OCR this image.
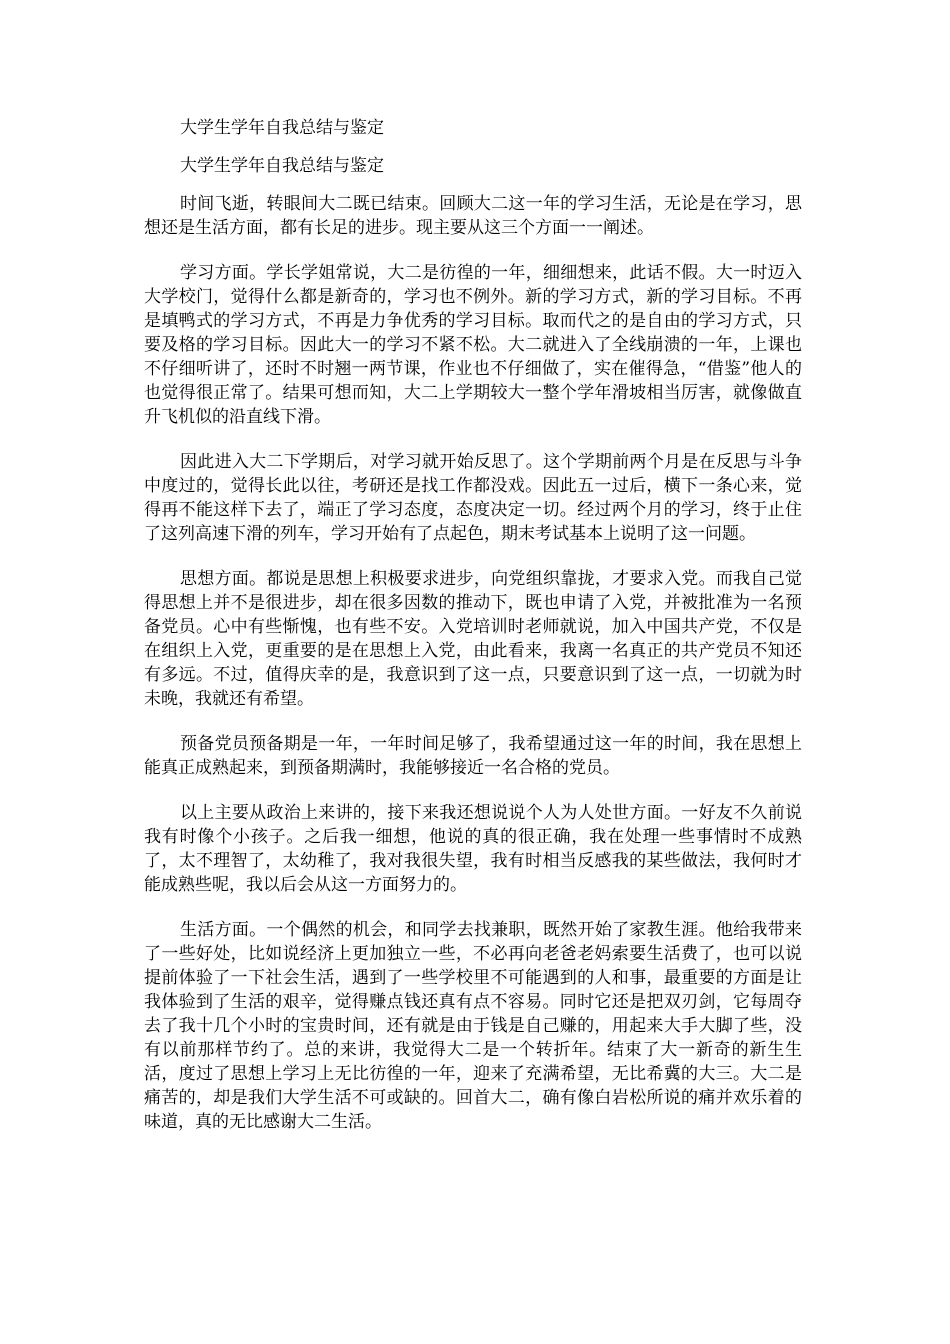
大学生学年自我总结与鉴定

大学生学年自我总结与鉴定

时间飞逝，转眼间大二既已结束。回顾大二这一年的学习生活，无论是在学习，思想还是生活方面，都有长足的进步。现主要从这三个方面一一阐述。

学习方面。学长学姐常说，大二是彷徨的一年，细细想来，此话不假。大一时迈入大学校门，觉得什么都是新奇的，学习也不例外。新的学习方式，新的学习目标。不再是填鸭式的学习方式，不再是力争优秀的学习目标。取而代之的是自由的学习方式，只要及格的学习目标。因此大一的学习不紧不松。大二就进入了全线崩溃的一年，上课也不仔细听讲了，还时不时翘一两节课，作业也不仔细做了，实在催得急，“借鉴”他人的也觉得很正常了。结果可想而知，大二上学期较大一整个学年滑坡相当厉害，就像做直升飞机似的沿直线下滑。

因此进入大二下学期后，对学习就开始反思了。这个学期前两个月是在反思与斗争中度过的，觉得长此以往，考研还是找工作都没戏。因此五一过后，横下一条心来，觉得再不能这样下去了，端正了学习态度，态度决定一切。经过两个月的学习，终于止住了这列高速下滑的列车，学习开始有了点起色，期末考试基本上说明了这一问题。

思想方面。都说是思想上积极要求进步，向党组织靠拢，才要求入党。而我自己觉得思想上并不是很进步，却在很多因数的推动下，既也申请了入党，并被批准为一名预备党员。心中有些惭愧，也有些不安。入党培训时老师就说，加入中国共产党，不仅是在组织上入党，更重要的是在思想上入党，由此看来，我离一名真正的共产党员不知还有多远。不过，值得庆幸的是，我意识到了这一点，只要意识到了这一点，一切就为时未晚，我就还有希望。

预备党员预备期是一年，一年时间足够了，我希望通过这一年的时间，我在思想上能真正成熟起来，到预备期满时，我能够接近一名合格的党员。

以上主要从政治上来讲的，接下来我还想说说个人为人处世方面。一好友不久前说我有时像个小孩子。之后我一细想，他说的真的很正确，我在处理一些事情时不成熟了，太不理智了，太幼稚了，我对我很失望，我有时相当反感我的某些做法，我何时才能成熟些呢，我以后会从这一方面努力的。

生活方面。一个偶然的机会，和同学去找兼职，既然开始了家教生涯。他给我带来了一些好处，比如说经济上更加独立一些，不必再向老爸老妈索要生活费了，也可以说提前体验了一下社会生活，遇到了一些学校里不可能遇到的人和事，最重要的方面是让我体验到了生活的艰辛，觉得赚点钱还真有点不容易。同时它还是把双刃剑，它每周夺去了我十几个小时的宝贵时间，还有就是由于钱是自己赚的，用起来大手大脚了些，没有以前那样节约了。总的来讲，我觉得大二是一个转折年。结束了大一新奇的新生生活，度过了思想上学习上无比彷徨的一年，迎来了充满希望，无比希冀的大三。大二是痛苦的，却是我们大学生活不可或缺的。回首大二，确有像白岩松所说的痛并欢乐着的味道，真的无比感谢大二生活。
